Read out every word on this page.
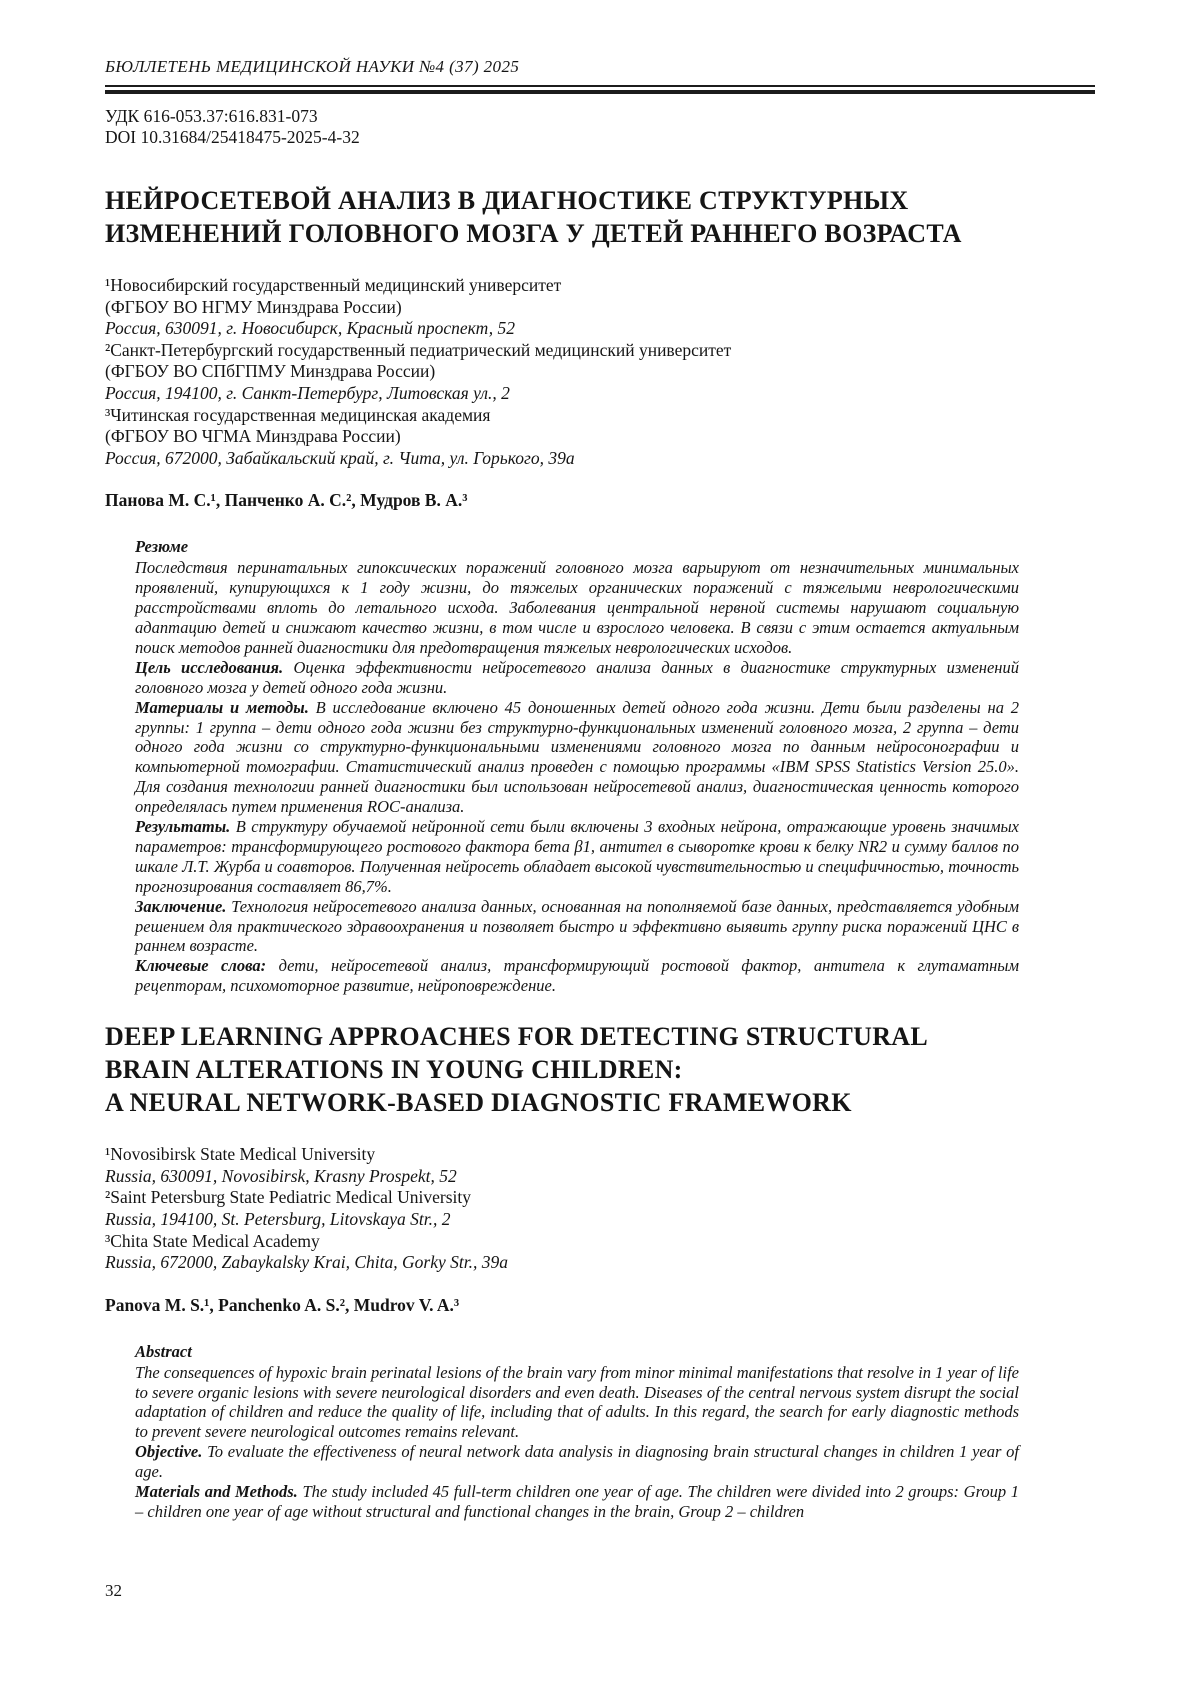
БЮЛЛЕТЕНЬ МЕДИЦИНСКОЙ НАУКИ №4 (37) 2025
УДК 616-053.37:616.831-073
DOI 10.31684/25418475-2025-4-32
НЕЙРОСЕТЕВОЙ АНАЛИЗ В ДИАГНОСТИКЕ СТРУКТУРНЫХ
ИЗМЕНЕНИЙ ГОЛОВНОГО МОЗГА У ДЕТЕЙ РАННЕГО ВОЗРАСТА
¹Новосибирский государственный медицинский университет
(ФГБОУ ВО НГМУ Минздрава России)
Россия, 630091, г. Новосибирск, Красный проспект, 52
²Санкт-Петербургский государственный педиатрический медицинский университет
(ФГБОУ ВО СПбГПМУ Минздрава России)
Россия, 194100, г. Санкт-Петербург, Литовская ул., 2
³Читинская государственная медицинская академия
(ФГБОУ ВО ЧГМА Минздрава России)
Россия, 672000, Забайкальский край, г. Чита, ул. Горького, 39а
Панова М. С.¹, Панченко А. С.², Мудров В. А.³
Резюме

Последствия перинатальных гипоксических поражений головного мозга варьируют от незначительных минимальных проявлений, купирующихся к 1 году жизни, до тяжелых органических поражений с тяжелыми неврологическими расстройствами вплоть до летального исхода. Заболевания центральной нервной системы нарушают социальную адаптацию детей и снижают качество жизни, в том числе и взрослого человека. В связи с этим остается актуальным поиск методов ранней диагностики для предотвращения тяжелых неврологических исходов.

Цель исследования. Оценка эффективности нейросетевого анализа данных в диагностике структурных изменений головного мозга у детей одного года жизни.

Материалы и методы. В исследование включено 45 доношенных детей одного года жизни. Дети были разделены на 2 группы: 1 группа – дети одного года жизни без структурно-функциональных изменений головного мозга, 2 группа – дети одного года жизни со структурно-функциональными изменениями головного мозга по данным нейросонографии и компьютерной томографии. Статистический анализ проведен с помощью программы «IBM SPSS Statistics Version 25.0». Для создания технологии ранней диагностики был использован нейросетевой анализ, диагностическая ценность которого определялась путем применения ROC-анализа.

Результаты. В структуру обучаемой нейронной сети были включены 3 входных нейрона, отражающие уровень значимых параметров: трансформирующего ростового фактора бета β1, антител в сыворотке крови к белку NR2 и сумму баллов по шкале Л.Т. Журба и соавторов. Полученная нейросеть обладает высокой чувствительностью и специфичностью, точность прогнозирования составляет 86,7%.

Заключение. Технология нейросетевого анализа данных, основанная на пополняемой базе данных, представляется удобным решением для практического здравоохранения и позволяет быстро и эффективно выявить группу риска поражений ЦНС в раннем возрасте.

Ключевые слова: дети, нейросетевой анализ, трансформирующий ростовой фактор, антитела к глутаматным рецепторам, психомоторное развитие, нейроповреждение.

DEEP LEARNING APPROACHES FOR DETECTING STRUCTURAL
BRAIN ALTERATIONS IN YOUNG CHILDREN:
A NEURAL NETWORK-BASED DIAGNOSTIC FRAMEWORK
¹Novosibirsk State Medical University
Russia, 630091, Novosibirsk, Krasny Prospekt, 52
²Saint Petersburg State Pediatric Medical University
Russia, 194100, St. Petersburg, Litovskaya Str., 2
³Chita State Medical Academy
Russia, 672000, Zabaykalsky Krai, Chita, Gorky Str., 39a
Panova M. S.¹, Panchenko A. S.², Mudrov V. A.³
Abstract

The consequences of hypoxic brain perinatal lesions of the brain vary from minor minimal manifestations that resolve in 1 year of life to severe organic lesions with severe neurological disorders and even death. Diseases of the central nervous system disrupt the social adaptation of children and reduce the quality of life, including that of adults. In this regard, the search for early diagnostic methods to prevent severe neurological outcomes remains relevant.

Objective. To evaluate the effectiveness of neural network data analysis in diagnosing brain structural changes in children 1 year of age.

Materials and Methods. The study included 45 full-term children one year of age. The children were divided into 2 groups: Group 1 – children one year of age without structural and functional changes in the brain, Group 2 – children

32
